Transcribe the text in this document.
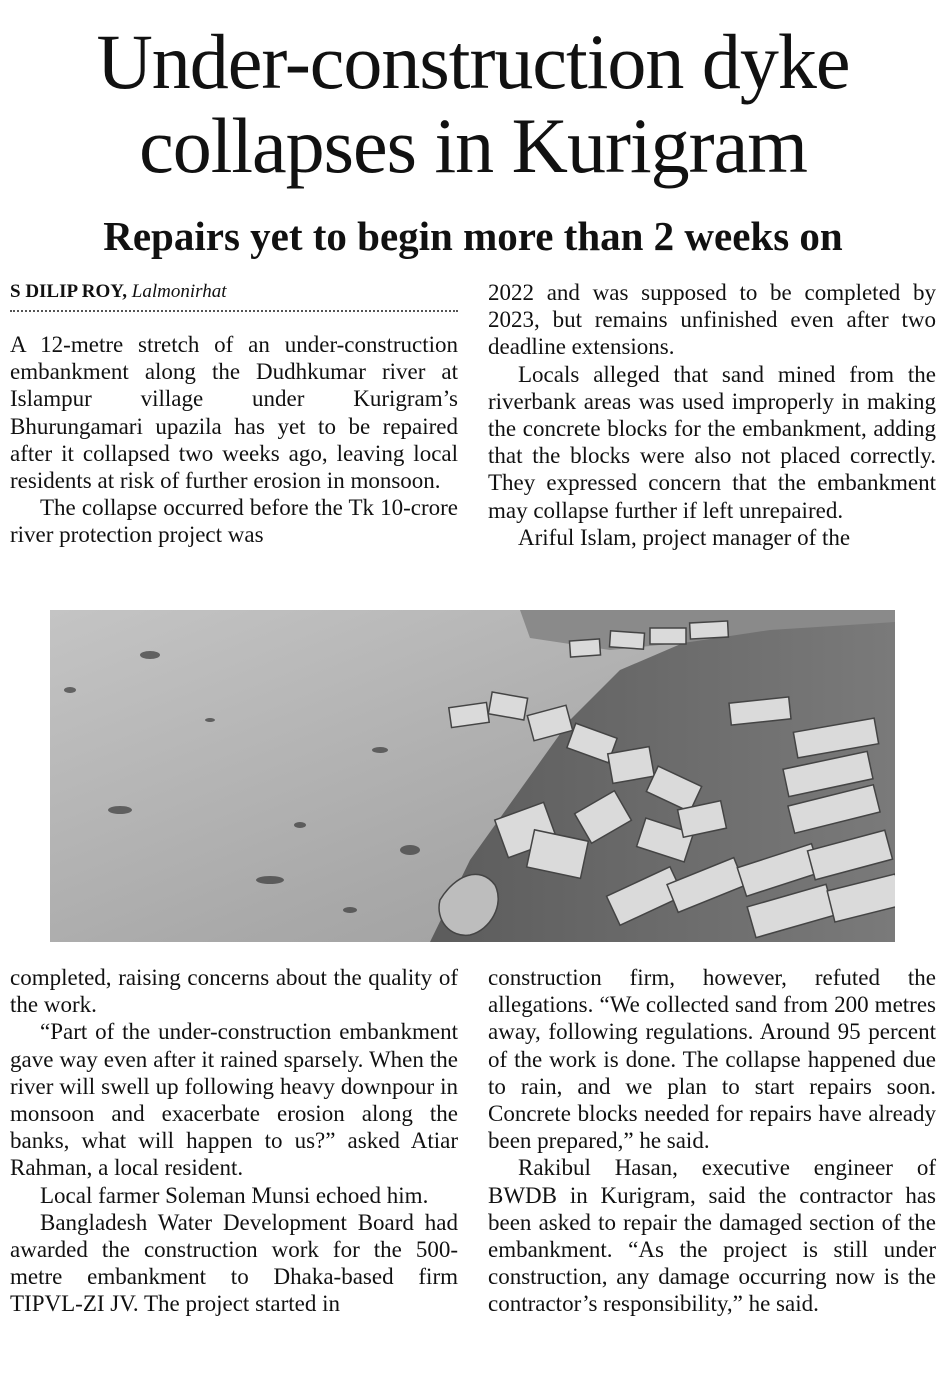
Under-construction dyke
collapses in Kurigram
Repairs yet to begin more than 2 weeks on
S DILIP ROY, Lalmonirhat

A 12-metre stretch of an under-construction embankment along the Dudhkumar river at Islampur village under Kurigram’s Bhurungamari upazila has yet to be repaired after it collapsed two weeks ago, leaving local residents at risk of further erosion in monsoon.

The collapse occurred before the Tk 10-crore river protection project was

2022 and was supposed to be completed by 2023, but remains unfinished even after two deadline extensions.

Locals alleged that sand mined from the riverbank areas was used improperly in making the concrete blocks for the embankment, adding that the blocks were also not placed correctly. They expressed concern that the embankment may collapse further if left unrepaired.

Ariful Islam, project manager of the

completed, raising concerns about the quality of the work.

“Part of the under-construction embankment gave way even after it rained sparsely. When the river will swell up following heavy downpour in monsoon and exacerbate erosion along the banks, what will happen to us?” asked Atiar Rahman, a local resident.

Local farmer Soleman Munsi echoed him.

Bangladesh Water Development Board had awarded the construction work for the 500-metre embankment to Dhaka-based firm TIPVL-ZI JV. The project started in

construction firm, however, refuted the allegations. “We collected sand from 200 metres away, following regulations. Around 95 percent of the work is done. The collapse happened due to rain, and we plan to start repairs soon. Concrete blocks needed for repairs have already been prepared,” he said.

Rakibul Hasan, executive engineer of BWDB in Kurigram, said the contractor has been asked to repair the damaged section of the embankment. “As the project is still under construction, any damage occurring now is the contractor’s responsibility,” he said.
